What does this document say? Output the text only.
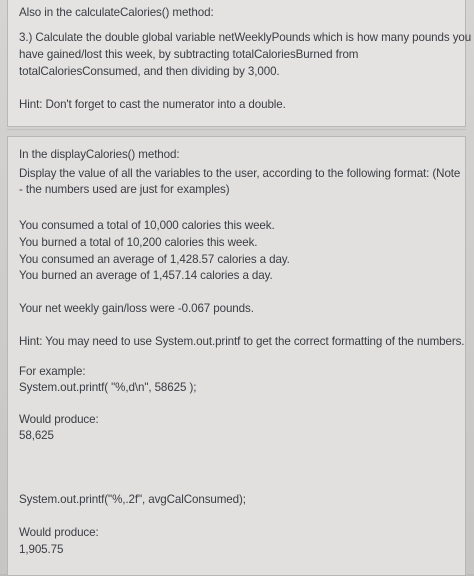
Also in the calculateCalories() method:
3.) Calculate the double global variable netWeeklyPounds which is how many pounds you
have gained/lost this week, by subtracting totalCaloriesBurned from
totalCaloriesConsumed, and then dividing by 3,000.
Hint: Don't forget to cast the numerator into a double.
In the displayCalories() method:
Display the value of all the variables to the user, according to the following format: (Note
- the numbers used are just for examples)
You consumed a total of 10,000 calories this week.
You burned a total of 10,200 calories this week.
You consumed an average of 1,428.57 calories a day.
You burned an average of 1,457.14 calories a day.
Your net weekly gain/loss were -0.067 pounds.
Hint: You may need to use System.out.printf to get the correct formatting of the numbers.
For example:
System.out.printf( "%,d\n", 58625 );
Would produce:
58,625
System.out.printf("%,.2f", avgCalConsumed);
Would produce:
1,905.75
